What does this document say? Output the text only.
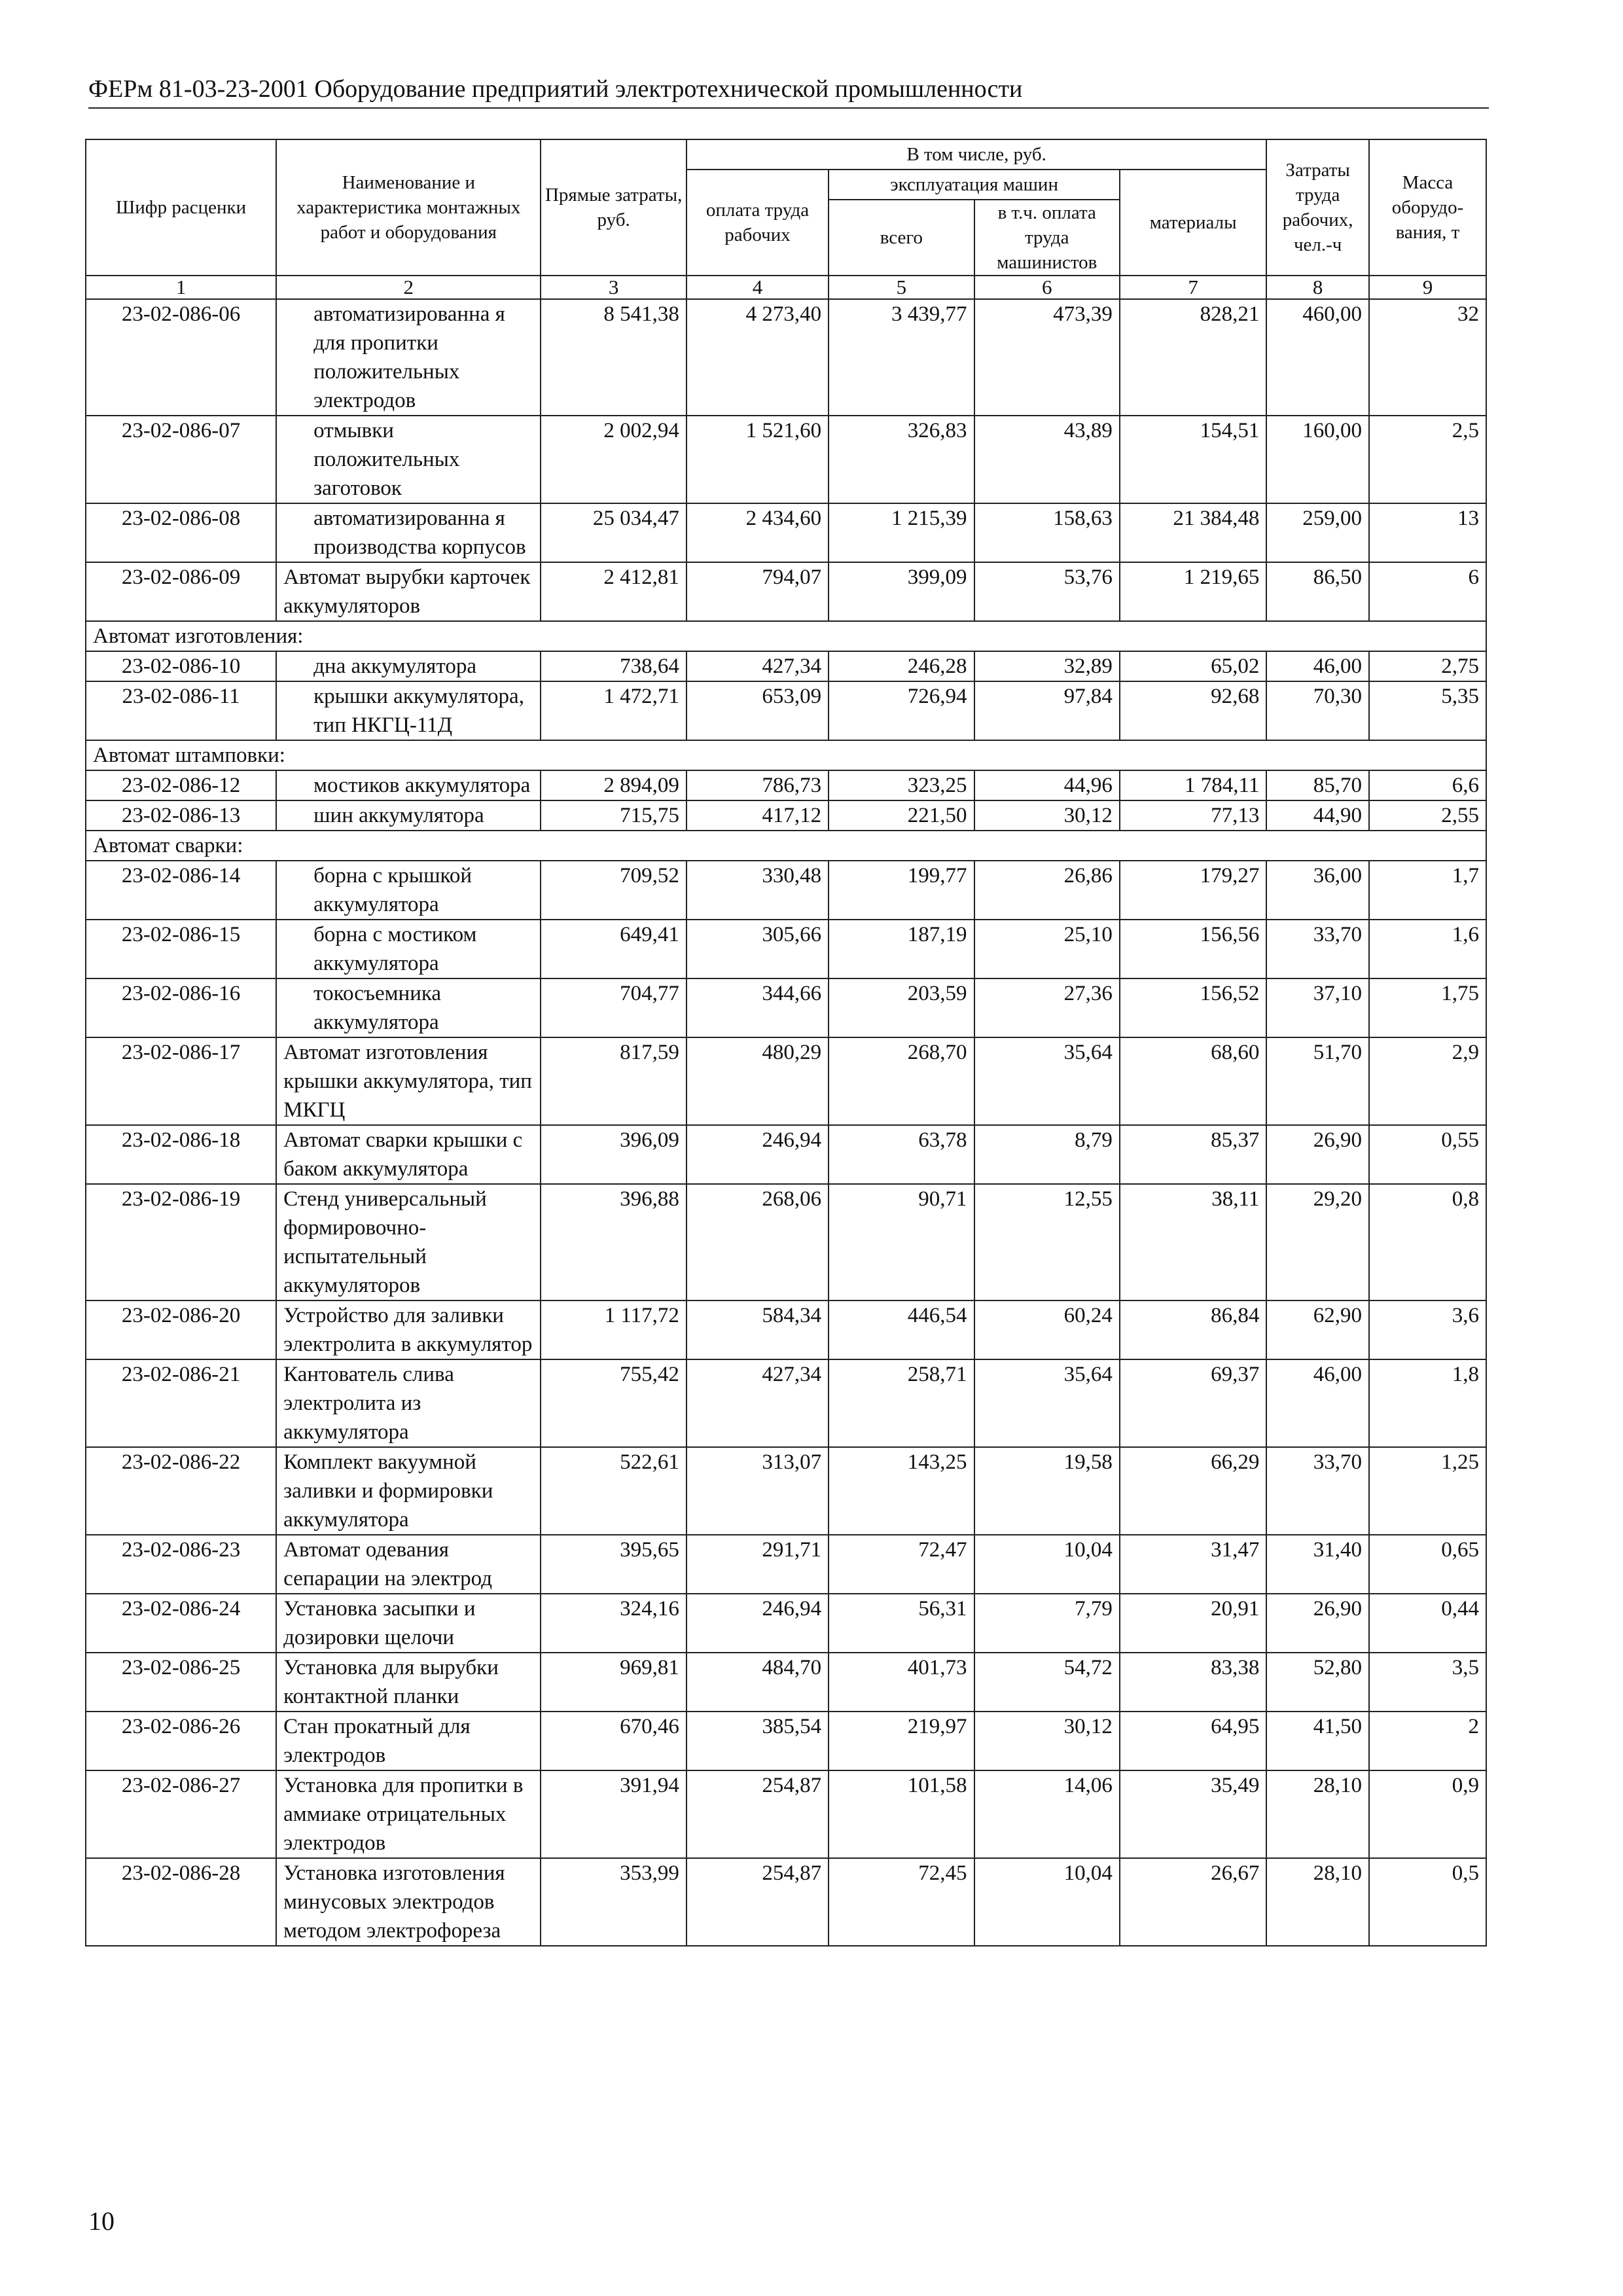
ФЕРм 81-03-23-2001 Оборудование предприятий электротехнической промышленности
Шифр расценки	Наименование и характеристика монтажных работ и оборудования	Прямые затраты, руб.	В том числе, руб.				Затраты труда рабочих, чел.-ч	Масса оборудо-вания, т
			оплата труда рабочих	эксплуатация машин		материалы		
				всего	в т.ч. оплата труда машинистов			
1	2	3	4	5	6	7	8	9
23-02-086-06	автоматизированна я для пропитки положительных электродов	8 541,38	4 273,40	3 439,77	473,39	828,21	460,00	32
23-02-086-07	отмывки положительных заготовок	2 002,94	1 521,60	326,83	43,89	154,51	160,00	2,5
23-02-086-08	автоматизированна я производства корпусов	25 034,47	2 434,60	1 215,39	158,63	21 384,48	259,00	13
23-02-086-09	Автомат вырубки карточек аккумуляторов	2 412,81	794,07	399,09	53,76	1 219,65	86,50	6
Автомат изготовления:								
23-02-086-10	дна аккумулятора	738,64	427,34	246,28	32,89	65,02	46,00	2,75
23-02-086-11	крышки аккумулятора, тип НКГЦ-11Д	1 472,71	653,09	726,94	97,84	92,68	70,30	5,35
Автомат штамповки:								
23-02-086-12	мостиков аккумулятора	2 894,09	786,73	323,25	44,96	1 784,11	85,70	6,6
23-02-086-13	шин аккумулятора	715,75	417,12	221,50	30,12	77,13	44,90	2,55
Автомат сварки:								
23-02-086-14	борна с крышкой аккумулятора	709,52	330,48	199,77	26,86	179,27	36,00	1,7
23-02-086-15	борна с мостиком аккумулятора	649,41	305,66	187,19	25,10	156,56	33,70	1,6
23-02-086-16	токосъемника аккумулятора	704,77	344,66	203,59	27,36	156,52	37,10	1,75
23-02-086-17	Автомат изготовления крышки аккумулятора, тип МКГЦ	817,59	480,29	268,70	35,64	68,60	51,70	2,9
23-02-086-18	Автомат сварки крышки с баком аккумулятора	396,09	246,94	63,78	8,79	85,37	26,90	0,55
23-02-086-19	Стенд универсальный формировочно-испытательный аккумуляторов	396,88	268,06	90,71	12,55	38,11	29,20	0,8
23-02-086-20	Устройство для заливки электролита в аккумулятор	1 117,72	584,34	446,54	60,24	86,84	62,90	3,6
23-02-086-21	Кантователь слива электролита из аккумулятора	755,42	427,34	258,71	35,64	69,37	46,00	1,8
23-02-086-22	Комплект вакуумной заливки и формировки аккумулятора	522,61	313,07	143,25	19,58	66,29	33,70	1,25
23-02-086-23	Автомат одевания сепарации на электрод	395,65	291,71	72,47	10,04	31,47	31,40	0,65
23-02-086-24	Установка засыпки и дозировки щелочи	324,16	246,94	56,31	7,79	20,91	26,90	0,44
23-02-086-25	Установка для вырубки контактной планки	969,81	484,70	401,73	54,72	83,38	52,80	3,5
23-02-086-26	Стан прокатный для электродов	670,46	385,54	219,97	30,12	64,95	41,50	2
23-02-086-27	Установка для пропитки в аммиаке отрицательных электродов	391,94	254,87	101,58	14,06	35,49	28,10	0,9
23-02-086-28	Установка изготовления минусовых электродов методом электрофореза	353,99	254,87	72,45	10,04	26,67	28,10	0,5
10
